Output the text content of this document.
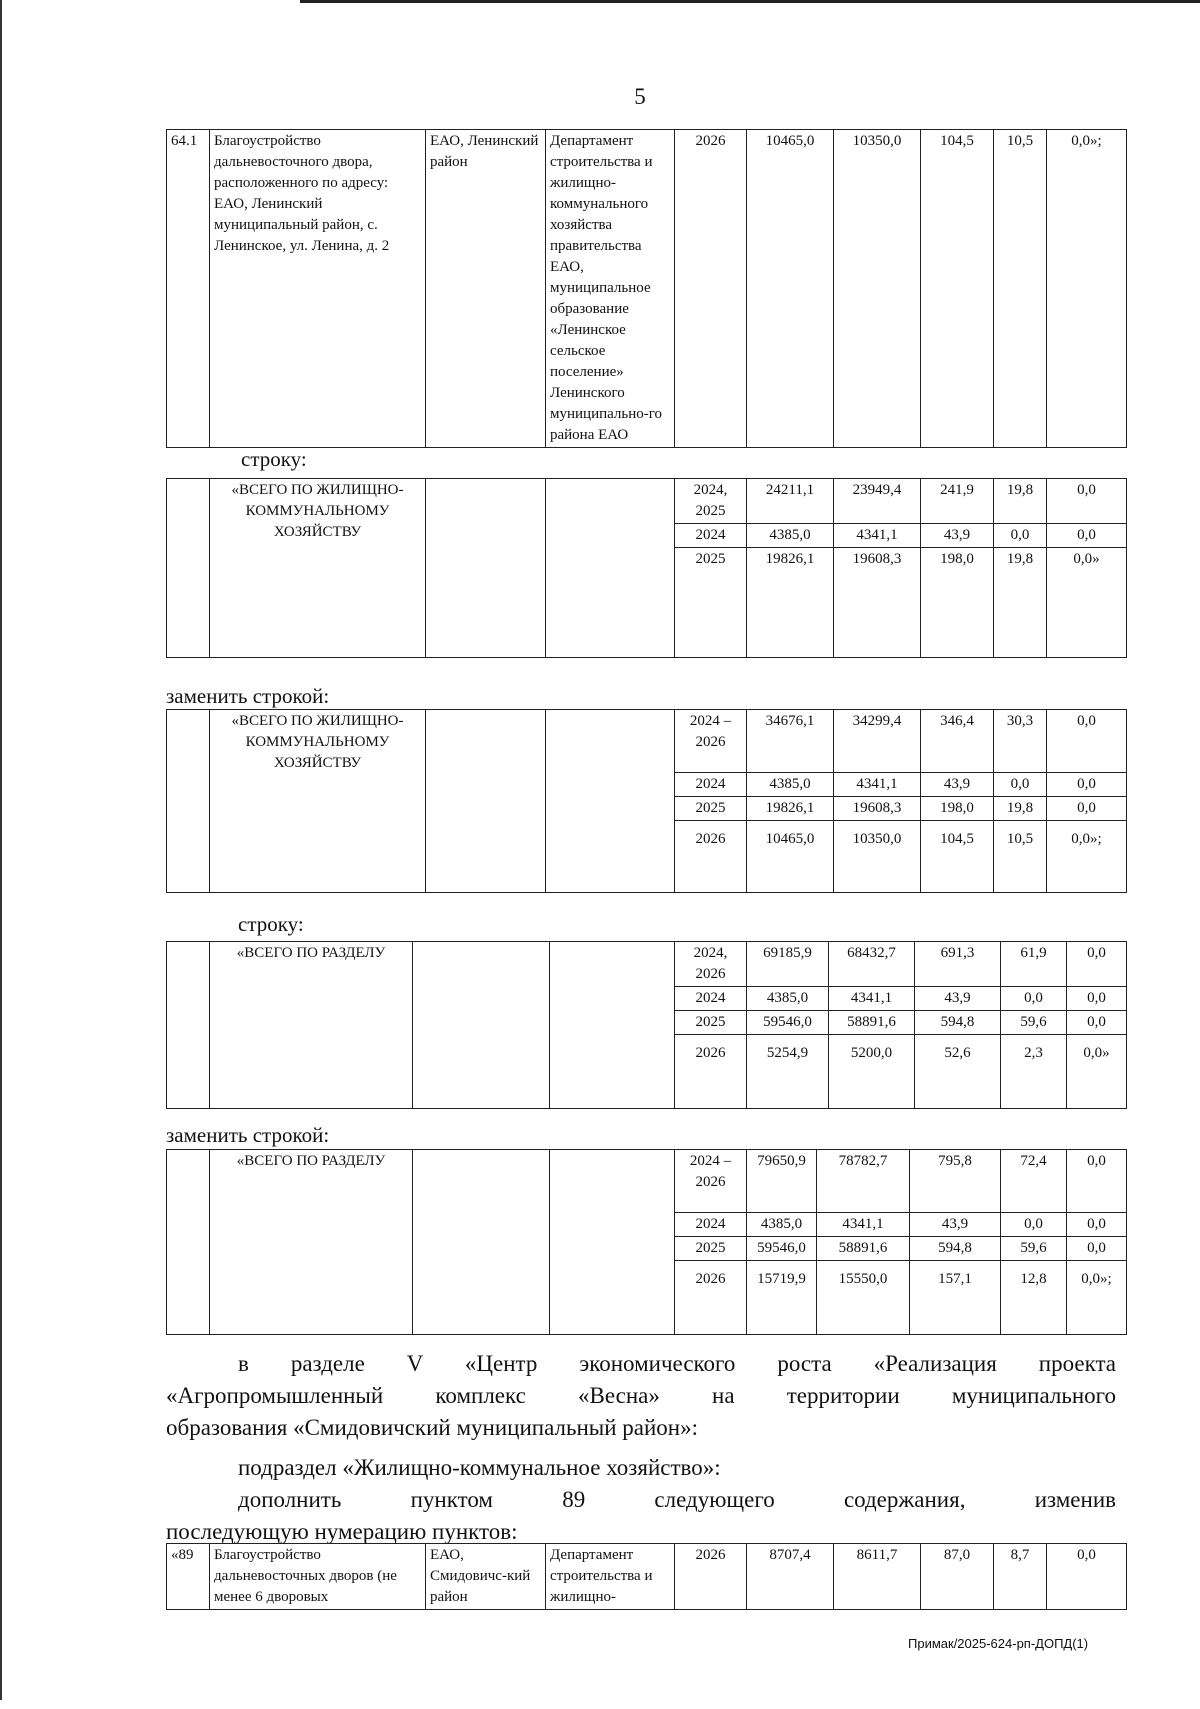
5
64.1	Благоустройство дальневосточного двора, расположенного по адресу: ЕАО, Ленинский муниципальный район, с. Ленинское, ул. Ленина, д. 2	ЕАО, Ленинский район	Департамент строительства и жилищно-коммунального хозяйства правительства ЕАО, муниципальное образование «Ленинское сельское поселение» Ленинского муниципально-го района ЕАО	2026	10465,0	10350,0	104,5	10,5	0,0»;
строку:
	«ВСЕГО ПО ЖИЛИЩНО-КОММУНАЛЬНОМУ ХОЗЯЙСТВУ			2024, 2025	24211,1	23949,4	241,9	19,8	0,0
				2024	4385,0	4341,1	43,9	0,0	0,0
				2025	19826,1	19608,3	198,0	19,8	0,0»

заменить строкой:
	«ВСЕГО ПО ЖИЛИЩНО-КОММУНАЛЬНОМУ ХОЗЯЙСТВУ			2024 – 2026	34676,1	34299,4	346,4	30,3	0,0
				2024	4385,0	4341,1	43,9	0,0	0,0
				2025	19826,1	19608,3	198,0	19,8	0,0
				2026	10465,0	10350,0	104,5	10,5	0,0»;

строку:
	«ВСЕГО ПО РАЗДЕЛУ			2024, 2026	69185,9	68432,7	691,3	61,9	0,0
				2024	4385,0	4341,1	43,9	0,0	0,0
				2025	59546,0	58891,6	594,8	59,6	0,0
				2026	5254,9	5200,0	52,6	2,3	0,0»

заменить строкой:
	«ВСЕГО ПО РАЗДЕЛУ			2024 – 2026	79650,9	78782,7	795,8	72,4	0,0
				2024	4385,0	4341,1	43,9	0,0	0,0
				2025	59546,0	58891,6	594,8	59,6	0,0
				2026	15719,9	15550,0	157,1	12,8	0,0»;

в разделе V «Центр экономического роста «Реализация проекта
«Агропромышленный комплекс «Весна» на территории муниципального
образования «Смидовичский муниципальный район»:
подраздел «Жилищно-коммунальное хозяйство»:
дополнить пунктом 89 следующего содержания, изменив
последующую нумерацию пунктов:
«89	Благоустройство дальневосточных дворов (не менее 6 дворовых	ЕАО, Смидовичс-кий район	Департамент строительства и жилищно-	2026	8707,4	8611,7	87,0	8,7	0,0
Примак/2025-624-рп-ДОПД(1)
